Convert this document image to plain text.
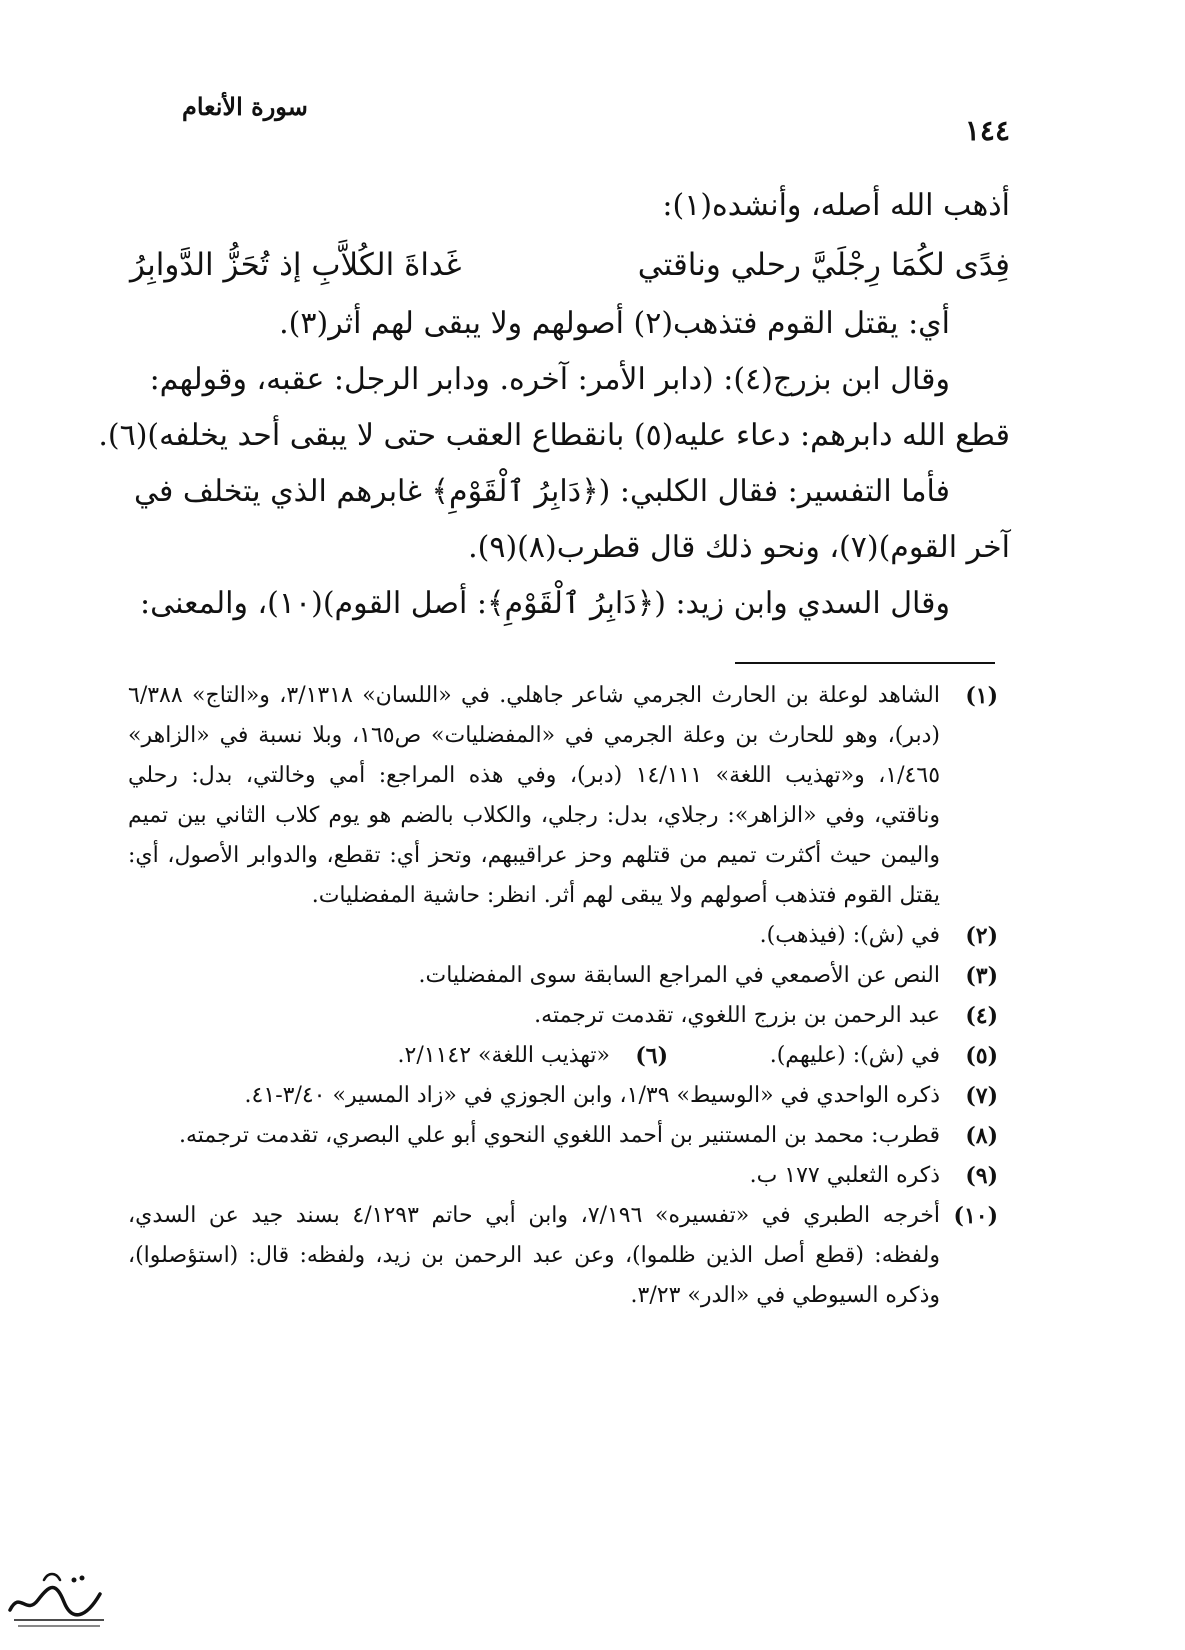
سورة الأنعام
١٤٤
أذهب الله أصله، وأنشده(١):
فِدًى لكُمَا رِجْلَيَّ رحلي وناقتي
غَداةَ الكُلاَّبِ إذ تُحَزُّ الدَّوابِرُ
أي: يقتل القوم فتذهب(٢) أصولهم ولا يبقى لهم أثر(٣).
وقال ابن بزرج(٤): (دابر الأمر: آخره. ودابر الرجل: عقبه، وقولهم:
قطع الله دابرهم: دعاء عليه(٥) بانقطاع العقب حتى لا يبقى أحد يخلفه)(٦).
فأما التفسير: فقال الكلبي: (﴿دَابِرُ ٱلْقَوْمِ﴾ غابرهم الذي يتخلف في
آخر القوم)(٧)، ونحو ذلك قال قطرب(٨)(٩).
وقال السدي وابن زيد: (﴿دَابِرُ ٱلْقَوْمِ﴾: أصل القوم)(١٠)، والمعنى:
(١)
الشاهد لوعلة بن الحارث الجرمي شاعر جاهلي. في «اللسان» ٣/١٣١٨، و«التاج» ٦/٣٨٨ (دبر)، وهو للحارث بن وعلة الجرمي في «المفضليات» ص١٦٥، وبلا نسبة في «الزاهر» ١/٤٦٥، و«تهذيب اللغة» ١٤/١١١ (دبر)، وفي هذه المراجع: أمي وخالتي، بدل: رحلي وناقتي، وفي «الزاهر»: رجلاي، بدل: رجلي، والكلاب بالضم هو يوم كلاب الثاني بين تميم واليمن حيث أكثرت تميم من قتلهم وحز عراقيبهم، وتحز أي: تقطع، والدوابر الأصول، أي: يقتل القوم فتذهب أصولهم ولا يبقى لهم أثر. انظر: حاشية المفضليات.
(٢)
في (ش): (فيذهب).
(٣)
النص عن الأصمعي في المراجع السابقة سوى المفضليات.
(٤)
عبد الرحمن بن بزرج اللغوي، تقدمت ترجمته.
(٥)
في (ش): (عليهم).
(٦)
«تهذيب اللغة» ٢/١١٤٢.
(٧)
ذكره الواحدي في «الوسيط» ١/٣٩، وابن الجوزي في «زاد المسير» ٣/٤٠-٤١.
(٨)
قطرب: محمد بن المستنير بن أحمد اللغوي النحوي أبو علي البصري، تقدمت ترجمته.
(٩)
ذكره الثعلبي ١٧٧ ب.
(١٠)
أخرجه الطبري في «تفسيره» ٧/١٩٦، وابن أبي حاتم ٤/١٢٩٣ بسند جيد عن السدي، ولفظه: (قطع أصل الذين ظلموا)، وعن عبد الرحمن بن زيد، ولفظه: قال: (استؤصلوا)، وذكره السيوطي في «الدر» ٣/٢٣.
